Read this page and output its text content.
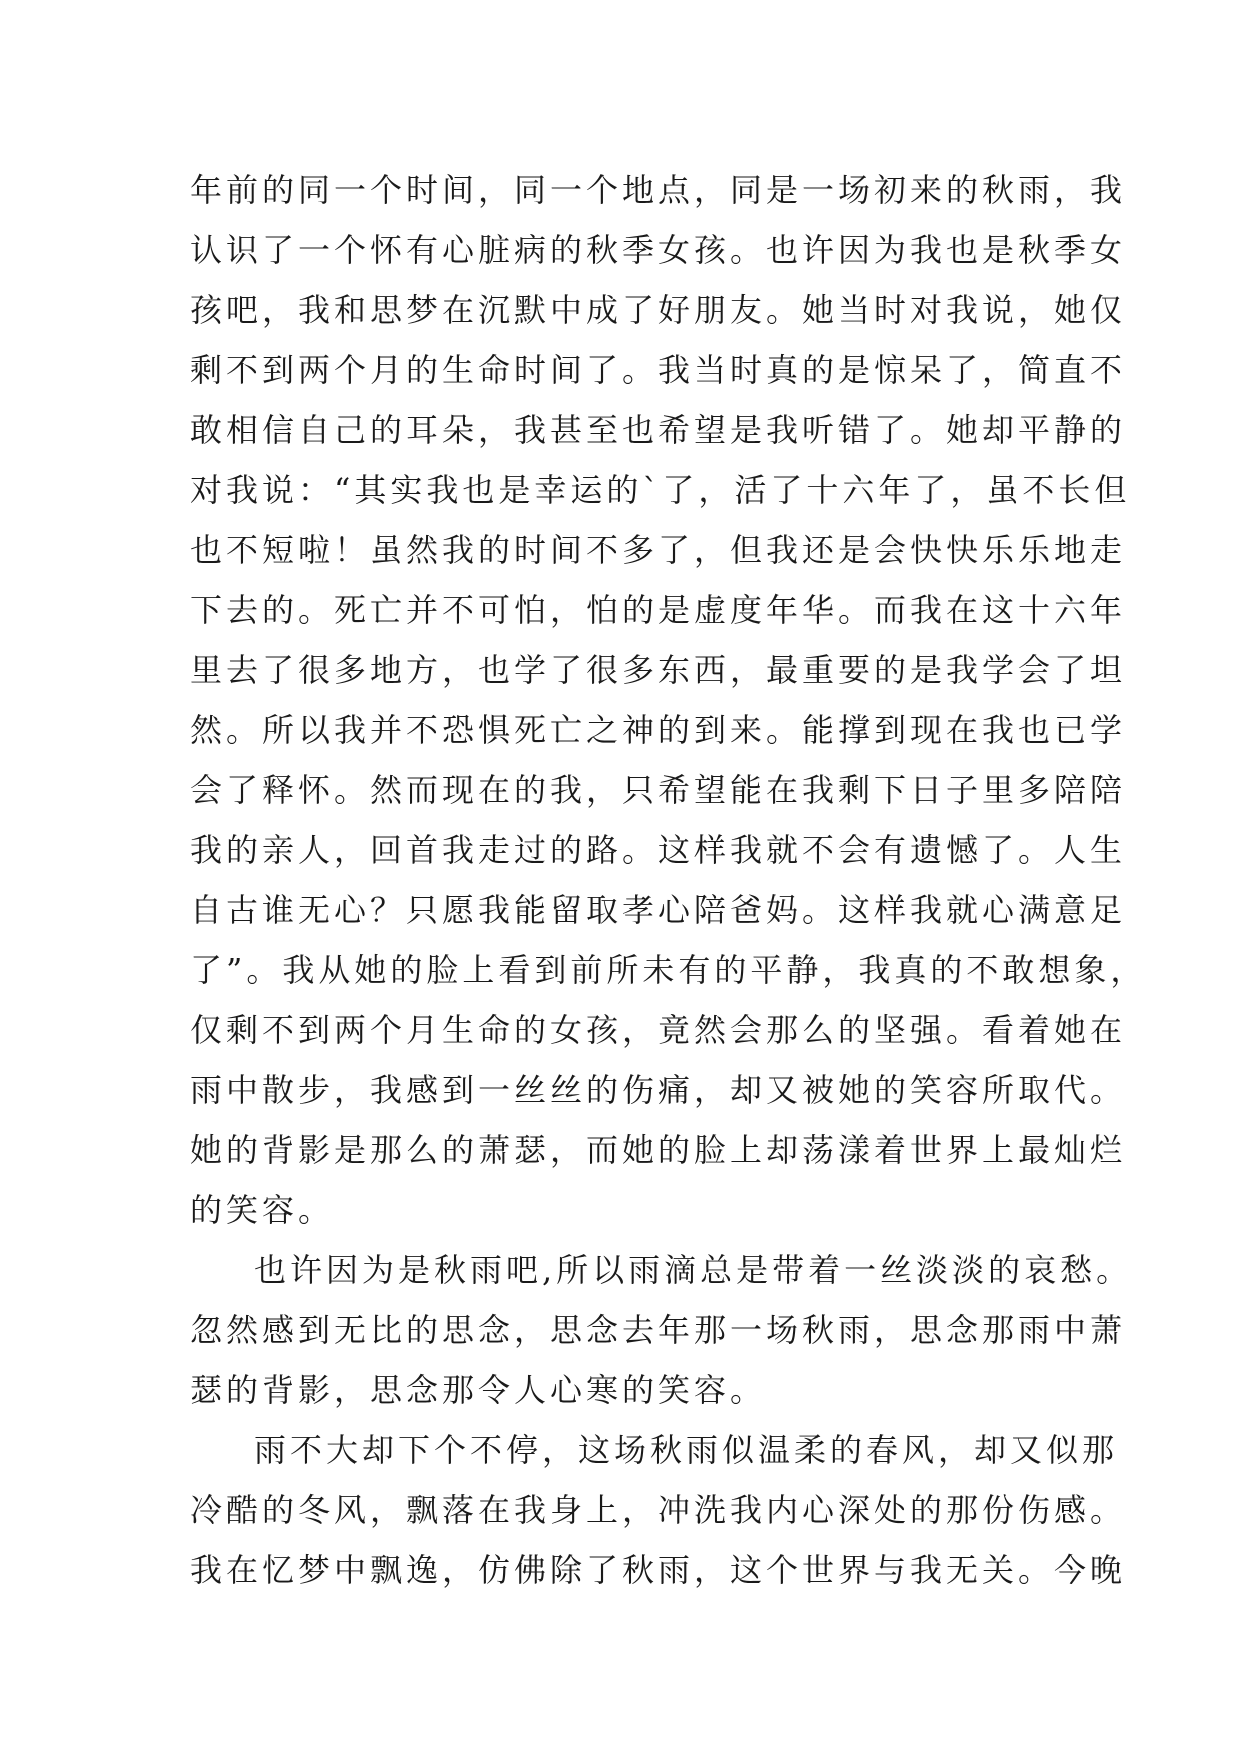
年前的同一个时间，同一个地点，同是一场初来的秋雨，我
认识了一个怀有心脏病的秋季女孩。也许因为我也是秋季女
孩吧，我和思梦在沉默中成了好朋友。她当时对我说，她仅
剩不到两个月的生命时间了。我当时真的是惊呆了，简直不
敢相信自己的耳朵，我甚至也希望是我听错了。她却平静的
对我说：“其实我也是幸运的`了，活了十六年了，虽不长但
也不短啦！虽然我的时间不多了，但我还是会快快乐乐地走
下去的。死亡并不可怕，怕的是虚度年华。而我在这十六年
里去了很多地方，也学了很多东西，最重要的是我学会了坦
然。所以我并不恐惧死亡之神的到来。能撑到现在我也已学
会了释怀。然而现在的我，只希望能在我剩下日子里多陪陪
我的亲人，回首我走过的路。这样我就不会有遗憾了。人生
自古谁无心？只愿我能留取孝心陪爸妈。这样我就心满意足
了”。我从她的脸上看到前所未有的平静，我真的不敢想象，
仅剩不到两个月生命的女孩，竟然会那么的坚强。看着她在
雨中散步，我感到一丝丝的伤痛，却又被她的笑容所取代。
她的背影是那么的萧瑟，而她的脸上却荡漾着世界上最灿烂
的笑容。
也许因为是秋雨吧,所以雨滴总是带着一丝淡淡的哀愁。
忽然感到无比的思念，思念去年那一场秋雨，思念那雨中萧
瑟的背影，思念那令人心寒的笑容。
雨不大却下个不停，这场秋雨似温柔的春风，却又似那
冷酷的冬风，飘落在我身上，冲洗我内心深处的那份伤感。
我在忆梦中飘逸，仿佛除了秋雨，这个世界与我无关。今晚
